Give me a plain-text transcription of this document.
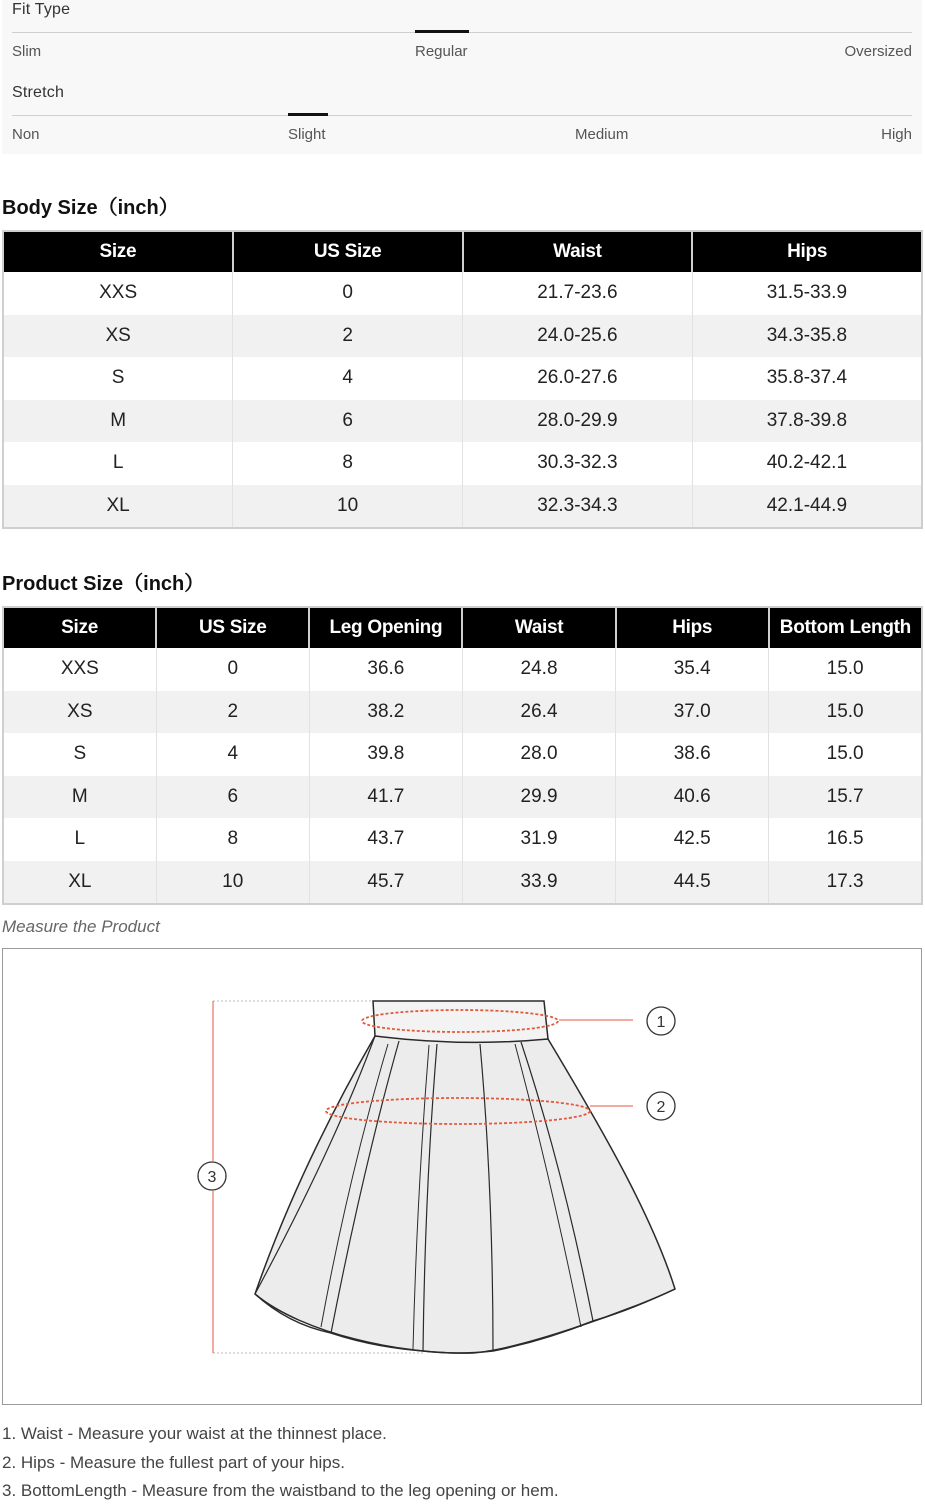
Fit Type
Slim	Regular	Oversized
Stretch
Non	Slight	Medium	High
Body Size（inch）
Size	US Size	Waist	Hips
XXS	0	21.7-23.6	31.5-33.9
XS	2	24.0-25.6	34.3-35.8
S	4	26.0-27.6	35.8-37.4
M	6	28.0-29.9	37.8-39.8
L	8	30.3-32.3	40.2-42.1
XL	10	32.3-34.3	42.1-44.9
Product Size（inch）
Size	US Size	Leg Opening	Waist	Hips	Bottom Length
XXS	0	36.6	24.8	35.4	15.0
XS	2	38.2	26.4	37.0	15.0
S	4	39.8	28.0	38.6	15.0
M	6	41.7	29.9	40.6	15.7
L	8	43.7	31.9	42.5	16.5
XL	10	45.7	33.9	44.5	17.3
Measure the Product
1
2
3
1. Waist - Measure your waist at the thinnest place.
2. Hips - Measure the fullest part of your hips.
3. BottomLength - Measure from the waistband to the leg opening or hem.
